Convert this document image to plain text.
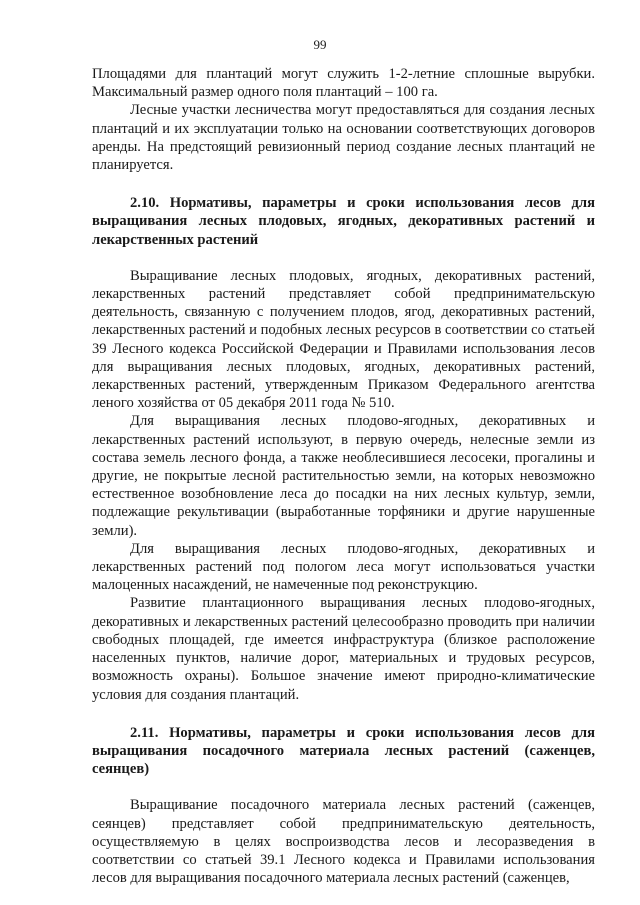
99

Площадями для плантаций могут служить 1-2-летние сплошные вырубки. Максимальный размер одного поля плантаций – 100 га.

Лесные участки лесничества могут предоставляться для создания лесных плантаций и их эксплуатации только на основании соответствующих договоров аренды. На предстоящий ревизионный период создание лесных плантаций не планируется.

2.10. Нормативы, параметры и сроки использования лесов для выращивания лесных плодовых, ягодных, декоративных растений и лекарственных растений

Выращивание лесных плодовых, ягодных, декоративных растений, лекарственных растений представляет собой предпринимательскую деятельность, связанную с получением плодов, ягод, декоративных растений, лекарственных растений и подобных лесных ресурсов в соответствии со статьей 39 Лесного кодекса Российской Федерации и Правилами использования лесов для выращивания лесных плодовых, ягодных, декоративных растений, лекарственных растений, утвержденным Приказом Федерального агентства леного хозяйства от 05 декабря 2011 года № 510.

Для выращивания лесных плодово-ягодных, декоративных и лекарственных растений используют, в первую очередь, нелесные земли из состава земель лесного фонда, а также необлесившиеся лесосеки, прогалины и другие, не покрытые лесной растительностью земли, на которых невозможно естественное возобновление леса до посадки на них лесных культур, земли, подлежащие рекультивации (выработанные торфяники и другие нарушенные земли).

Для выращивания лесных плодово-ягодных, декоративных и лекарственных растений под пологом леса могут использоваться участки малоценных насаждений, не намеченные под реконструкцию.

Развитие плантационного выращивания лесных плодово-ягодных, декоративных и лекарственных растений целесообразно проводить при наличии свободных площадей, где имеется инфраструктура (близкое расположение населенных пунктов, наличие дорог, материальных и трудовых ресурсов, возможность охраны). Большое значение имеют природно-климатические условия для создания плантаций.

2.11. Нормативы, параметры и сроки использования лесов для выращивания посадочного материала лесных растений (саженцев, сеянцев)

Выращивание посадочного материала лесных растений (саженцев, сеянцев) представляет собой предпринимательскую деятельность, осуществляемую в целях воспроизводства лесов и лесоразведения в соответствии со статьей 39.1 Лесного кодекса и Правилами использования лесов для выращивания посадочного материала лесных растений (саженцев,
